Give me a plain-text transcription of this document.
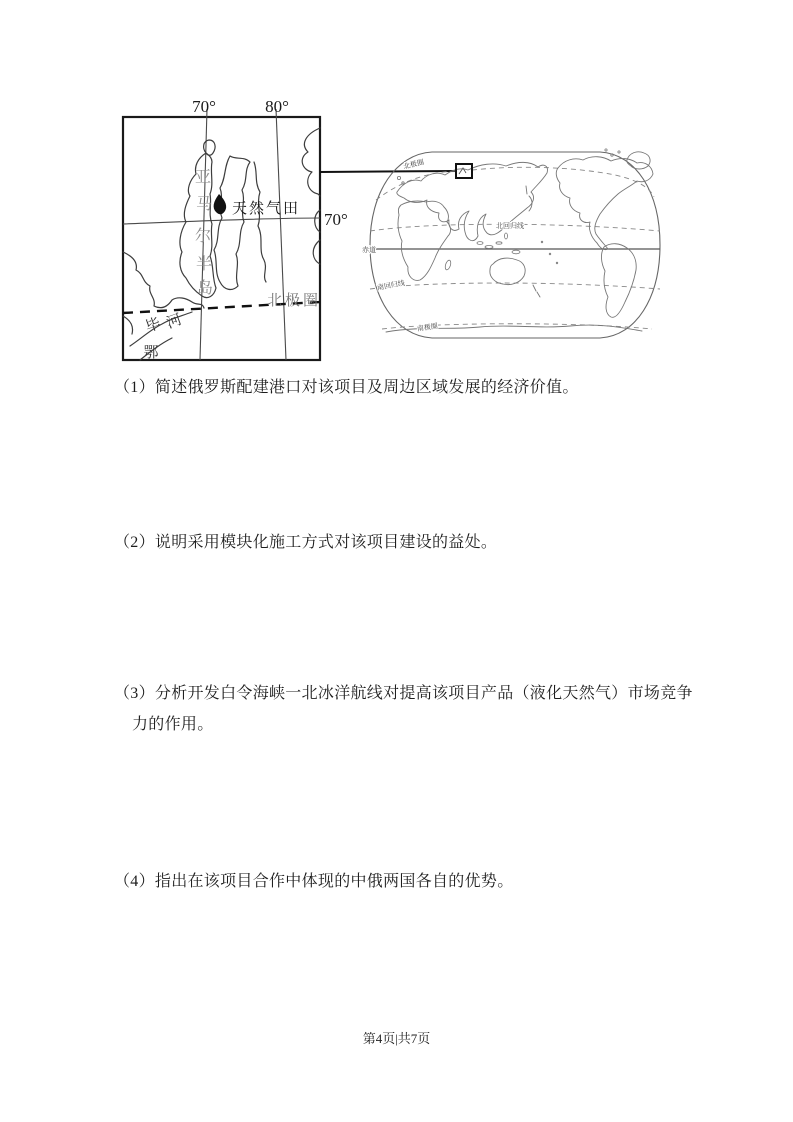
70°	80°
70°
亚
马
尔
半
岛
天然气田
北极圈
毕 河
鄂
北极圈
北回归线
赤道
南回归线
南极圈
（1）简述俄罗斯配建港口对该项目及周边区域发展的经济价值。
（2）说明采用模块化施工方式对该项目建设的益处。
（3）分析开发白令海峡一北冰洋航线对提高该项目产品（液化天然气）市场竞争力的作用。
（4）指出在该项目合作中体现的中俄两国各自的优势。
第4页|共7页
